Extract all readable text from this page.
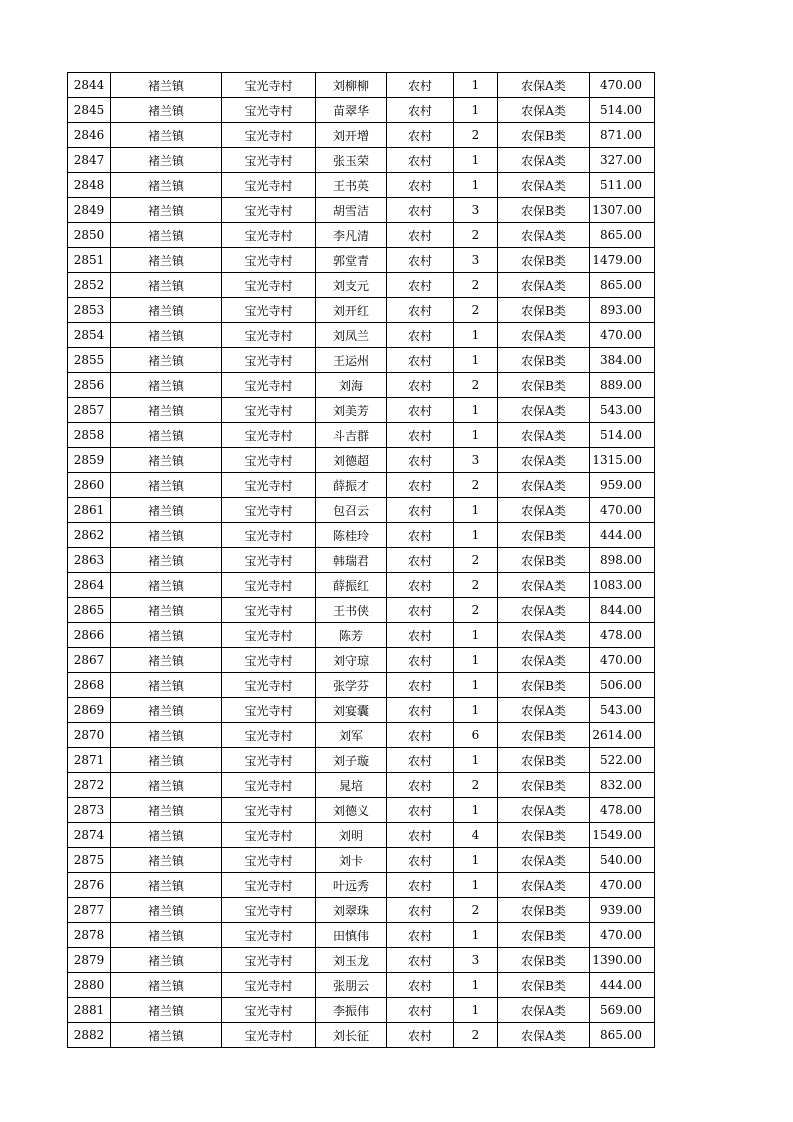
2844	褚兰镇	宝光寺村	刘柳柳	农村	1	农保A类	470.00
2845	褚兰镇	宝光寺村	苗翠华	农村	1	农保A类	514.00
2846	褚兰镇	宝光寺村	刘开增	农村	2	农保B类	871.00
2847	褚兰镇	宝光寺村	张玉荣	农村	1	农保A类	327.00
2848	褚兰镇	宝光寺村	王书英	农村	1	农保A类	511.00
2849	褚兰镇	宝光寺村	胡雪洁	农村	3	农保B类	1307.00
2850	褚兰镇	宝光寺村	李凡清	农村	2	农保A类	865.00
2851	褚兰镇	宝光寺村	郭堂青	农村	3	农保B类	1479.00
2852	褚兰镇	宝光寺村	刘支元	农村	2	农保A类	865.00
2853	褚兰镇	宝光寺村	刘开红	农村	2	农保B类	893.00
2854	褚兰镇	宝光寺村	刘凤兰	农村	1	农保A类	470.00
2855	褚兰镇	宝光寺村	王运州	农村	1	农保B类	384.00
2856	褚兰镇	宝光寺村	刘海	农村	2	农保B类	889.00
2857	褚兰镇	宝光寺村	刘美芳	农村	1	农保A类	543.00
2858	褚兰镇	宝光寺村	斗吉群	农村	1	农保A类	514.00
2859	褚兰镇	宝光寺村	刘德超	农村	3	农保A类	1315.00
2860	褚兰镇	宝光寺村	薛振才	农村	2	农保A类	959.00
2861	褚兰镇	宝光寺村	包召云	农村	1	农保A类	470.00
2862	褚兰镇	宝光寺村	陈桂玲	农村	1	农保B类	444.00
2863	褚兰镇	宝光寺村	韩瑞君	农村	2	农保B类	898.00
2864	褚兰镇	宝光寺村	薛振红	农村	2	农保A类	1083.00
2865	褚兰镇	宝光寺村	王书侠	农村	2	农保A类	844.00
2866	褚兰镇	宝光寺村	陈芳	农村	1	农保A类	478.00
2867	褚兰镇	宝光寺村	刘守琼	农村	1	农保A类	470.00
2868	褚兰镇	宝光寺村	张学芬	农村	1	农保B类	506.00
2869	褚兰镇	宝光寺村	刘宴囊	农村	1	农保A类	543.00
2870	褚兰镇	宝光寺村	刘军	农村	6	农保B类	2614.00
2871	褚兰镇	宝光寺村	刘子璇	农村	1	农保B类	522.00
2872	褚兰镇	宝光寺村	晁培	农村	2	农保B类	832.00
2873	褚兰镇	宝光寺村	刘德义	农村	1	农保A类	478.00
2874	褚兰镇	宝光寺村	刘明	农村	4	农保B类	1549.00
2875	褚兰镇	宝光寺村	刘卡	农村	1	农保A类	540.00
2876	褚兰镇	宝光寺村	叶远秀	农村	1	农保A类	470.00
2877	褚兰镇	宝光寺村	刘翠珠	农村	2	农保B类	939.00
2878	褚兰镇	宝光寺村	田慎伟	农村	1	农保B类	470.00
2879	褚兰镇	宝光寺村	刘玉龙	农村	3	农保B类	1390.00
2880	褚兰镇	宝光寺村	张朋云	农村	1	农保B类	444.00
2881	褚兰镇	宝光寺村	李振伟	农村	1	农保A类	569.00
2882	褚兰镇	宝光寺村	刘长征	农村	2	农保A类	865.00
